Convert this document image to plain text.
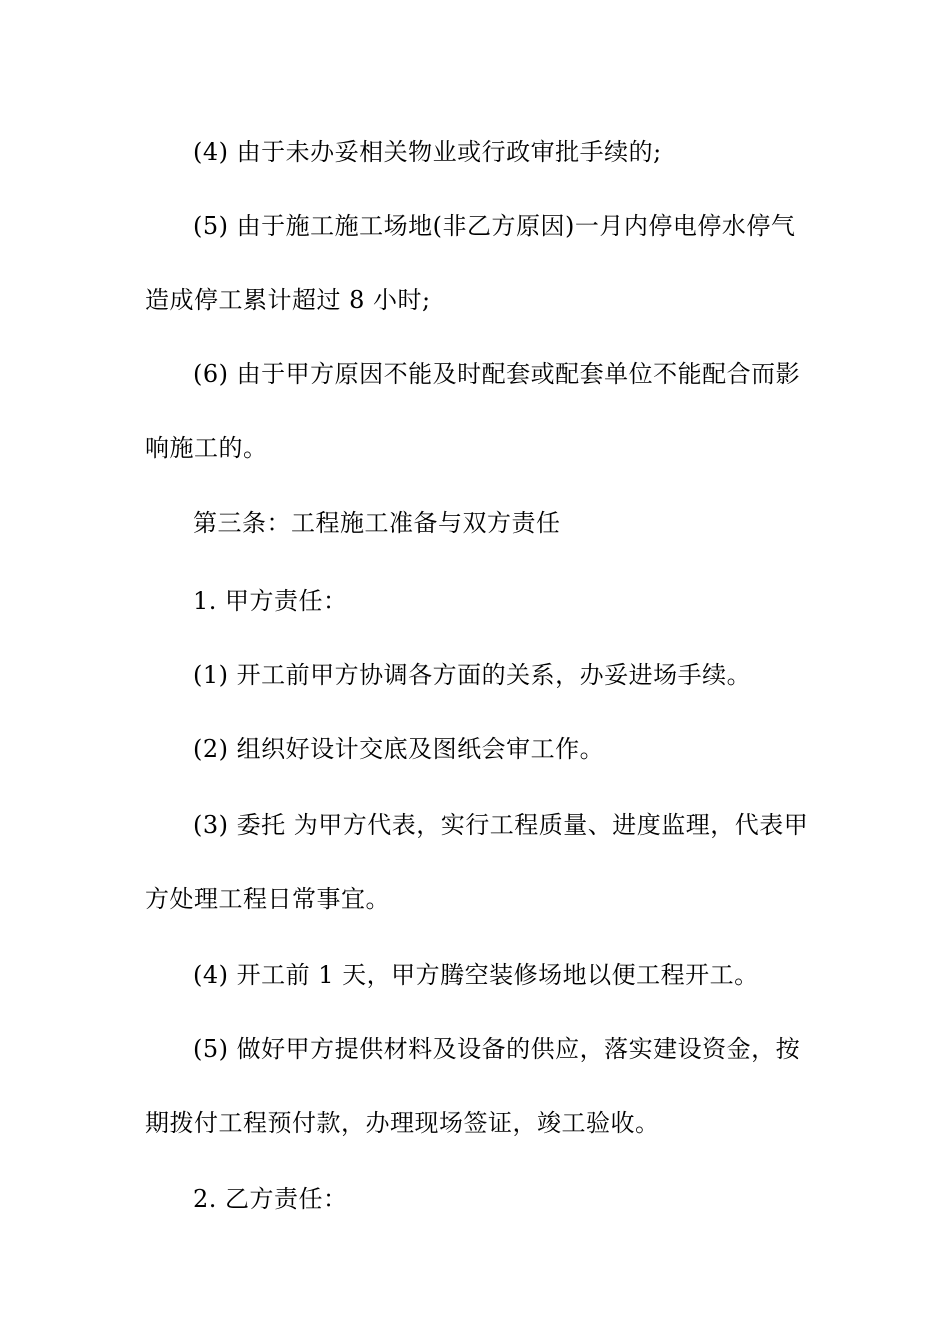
(4) 由于未办妥相关物业或行政审批手续的;
(5) 由于施工施工场地(非乙方原因)一月内停电停水停气
造成停工累计超过 8 小时;
(6) 由于甲方原因不能及时配套或配套单位不能配合而影
响施工的。
第三条：工程施工准备与双方责任
1. 甲方责任：
(1) 开工前甲方协调各方面的关系，办妥进场手续。
(2) 组织好设计交底及图纸会审工作。
(3) 委托 为甲方代表，实行工程质量、进度监理，代表甲
方处理工程日常事宜。
(4) 开工前 1 天，甲方腾空装修场地以便工程开工。
(5) 做好甲方提供材料及设备的供应，落实建设资金，按
期拨付工程预付款，办理现场签证，竣工验收。
2. 乙方责任：
